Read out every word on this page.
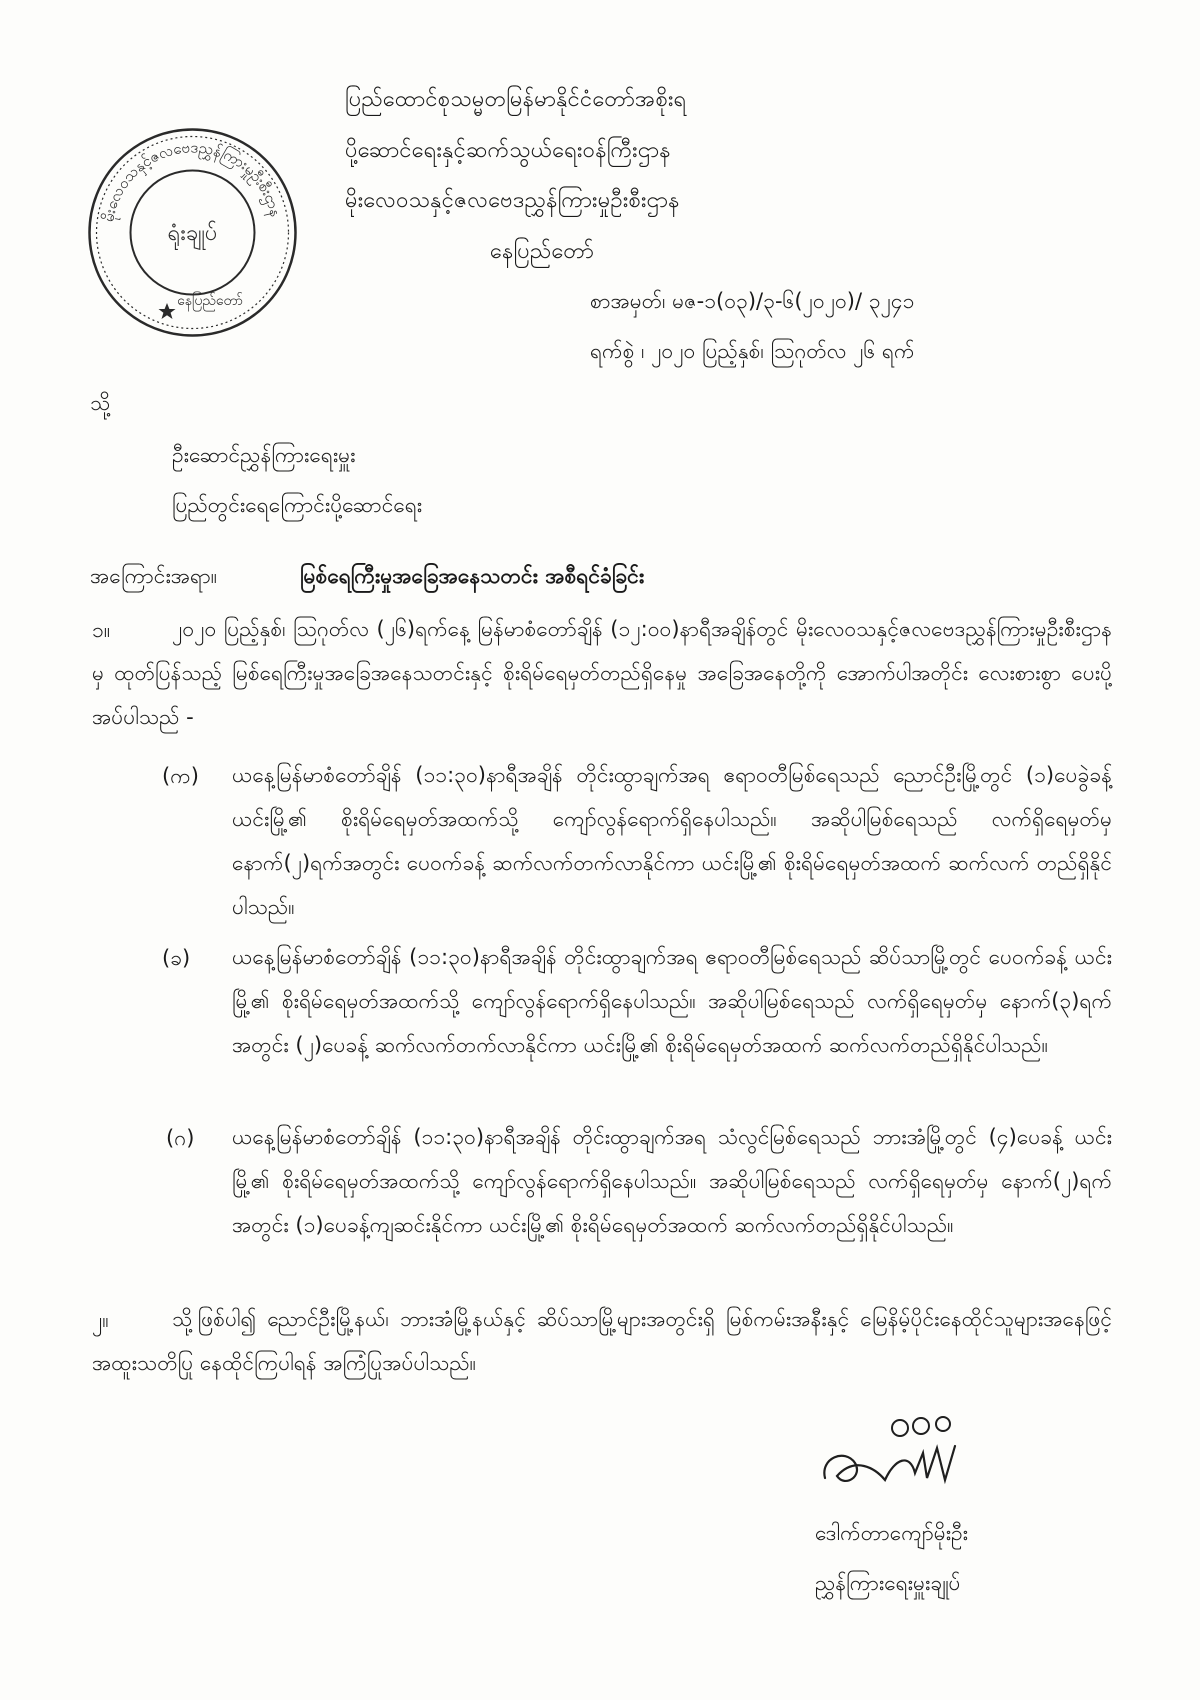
မိုးလေဝသနှင့်ဇလဗေဒညွှန်ကြားမှုဦးစီးဌာန
ရုံးချုပ်
နေပြည်တော်
ပြည်ထောင်စုသမ္မတမြန်မာနိုင်ငံတော်အစိုးရ
ပို့ဆောင်ရေးနှင့်ဆက်သွယ်ရေးဝန်ကြီးဌာန
မိုးလေဝသနှင့်ဇလဗေဒညွှန်ကြားမှုဦးစီးဌာန
နေပြည်တော်
စာအမှတ်၊ မဇ-၁(၀၃)/၃-၆(၂၀၂၀)/ ၃၂၄၁
ရက်စွဲ ၊ ၂၀၂၀ ပြည့်နှစ်၊ ဩဂုတ်လ ၂၆ ရက်
သို့
ဦးဆောင်ညွှန်ကြားရေးမှူး
ပြည်တွင်းရေကြောင်းပို့ဆောင်ရေး
အကြောင်းအရာ။	မြစ်ရေကြီးမှုအခြေအနေသတင်း အစီရင်ခံခြင်း
၁။	၂၀၂၀ ပြည့်နှစ်၊ ဩဂုတ်လ (၂၆)ရက်နေ့ မြန်မာစံတော်ချိန် (၁၂:၀၀)နာရီအချိန်တွင် မိုးလေဝသနှင့်ဇလဗေဒညွှန်ကြားမှုဦးစီးဌာနမှ ထုတ်ပြန်သည့် မြစ်ရေကြီးမှုအခြေအနေသတင်းနှင့် စိုးရိမ်ရေမှတ်တည်ရှိနေမှု အခြေအနေတို့ကို အောက်ပါအတိုင်း လေးစားစွာ ပေးပို့အပ်ပါသည် -
(က) ယနေ့မြန်မာစံတော်ချိန် (၁၁:၃၀)နာရီအချိန် တိုင်းထွာချက်အရ ဧရာဝတီမြစ်ရေသည် ညောင်ဦးမြို့တွင် (၁)ပေခွဲခန့် ယင်းမြို့၏ စိုးရိမ်ရေမှတ်အထက်သို့ ကျော်လွန်ရောက်ရှိနေပါသည်။ အဆိုပါမြစ်ရေသည် လက်ရှိရေမှတ်မှ နောက်(၂)ရက်အတွင်း ပေဝက်ခန့် ဆက်လက်တက်လာနိုင်ကာ ယင်းမြို့၏ စိုးရိမ်ရေမှတ်အထက် ဆက်လက် တည်ရှိနိုင်ပါသည်။
(ခ) ယနေ့မြန်မာစံတော်ချိန် (၁၁:၃၀)နာရီအချိန် တိုင်းထွာချက်အရ ဧရာဝတီမြစ်ရေသည် ဆိပ်သာမြို့တွင် ပေဝက်ခန့် ယင်းမြို့၏ စိုးရိမ်ရေမှတ်အထက်သို့ ကျော်လွန်ရောက်ရှိနေပါသည်။ အဆိုပါမြစ်ရေသည် လက်ရှိရေမှတ်မှ နောက်(၃)ရက်အတွင်း (၂)ပေခန့် ဆက်လက်တက်လာနိုင်ကာ ယင်းမြို့၏ စိုးရိမ်ရေမှတ်အထက် ဆက်လက်တည်ရှိနိုင်ပါသည်။
(ဂ) ယနေ့မြန်မာစံတော်ချိန် (၁၁:၃၀)နာရီအချိန် တိုင်းထွာချက်အရ သံလွင်မြစ်ရေသည် ဘားအံမြို့တွင် (၄)ပေခန့် ယင်းမြို့၏ စိုးရိမ်ရေမှတ်အထက်သို့ ကျော်လွန်ရောက်ရှိနေပါသည်။ အဆိုပါမြစ်ရေသည် လက်ရှိရေမှတ်မှ နောက်(၂)ရက်အတွင်း (၁)ပေခန့်ကျဆင်းနိုင်ကာ ယင်းမြို့၏ စိုးရိမ်ရေမှတ်အထက် ဆက်လက်တည်ရှိနိုင်ပါသည်။
၂။	သို့ဖြစ်ပါ၍ ညောင်ဦးမြို့နယ်၊ ဘားအံမြို့နယ်နှင့် ဆိပ်သာမြို့များအတွင်းရှိ မြစ်ကမ်းအနီးနှင့် မြေနိမ့်ပိုင်းနေထိုင်သူများအနေဖြင့် အထူးသတိပြု နေထိုင်ကြပါရန် အကြံပြုအပ်ပါသည်။
ဒေါက်တာကျော်မိုးဦး
ညွှန်ကြားရေးမှူးချုပ်
